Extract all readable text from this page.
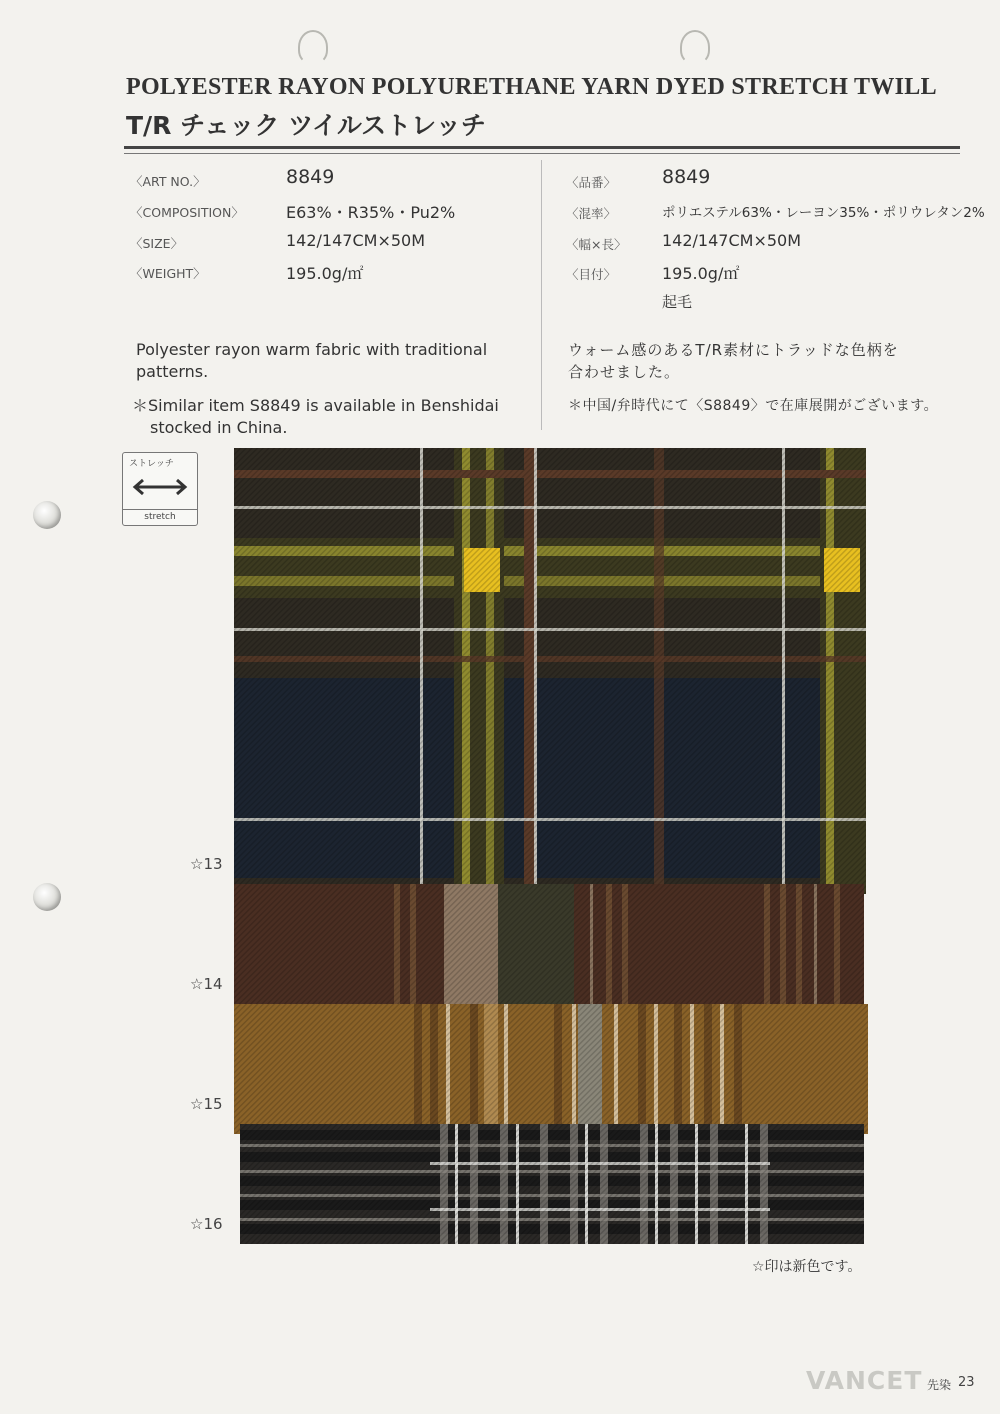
POLYESTER RAYON POLYURETHANE YARN DYED STRETCH TWILL
T/R チェック ツイルストレッチ
〈ART NO.〉	8849
〈COMPOSITION〉	E63%・R35%・Pu2%
〈SIZE〉	142/147CM×50M
〈WEIGHT〉	195.0g/㎡
〈品番〉 8849
〈混率〉	ポリエステル63%・レーヨン35%・ポリウレタン2%
〈幅×長〉 142/147CM×50M
〈目付〉	195.0g/㎡
起毛
Polyester rayon warm fabric with traditional
patterns.
＊Similar item S8849 is available in Benshidai
stocked in China.
ウォーム感のあるT/R素材にトラッドな色柄を
合わせました。
＊中国/弁時代にて〈S8849〉で在庫展開がございます。
ストレッチ
stretch
☆13
☆14
☆15
☆16
☆印は新色です。
VANCET 先染 23
